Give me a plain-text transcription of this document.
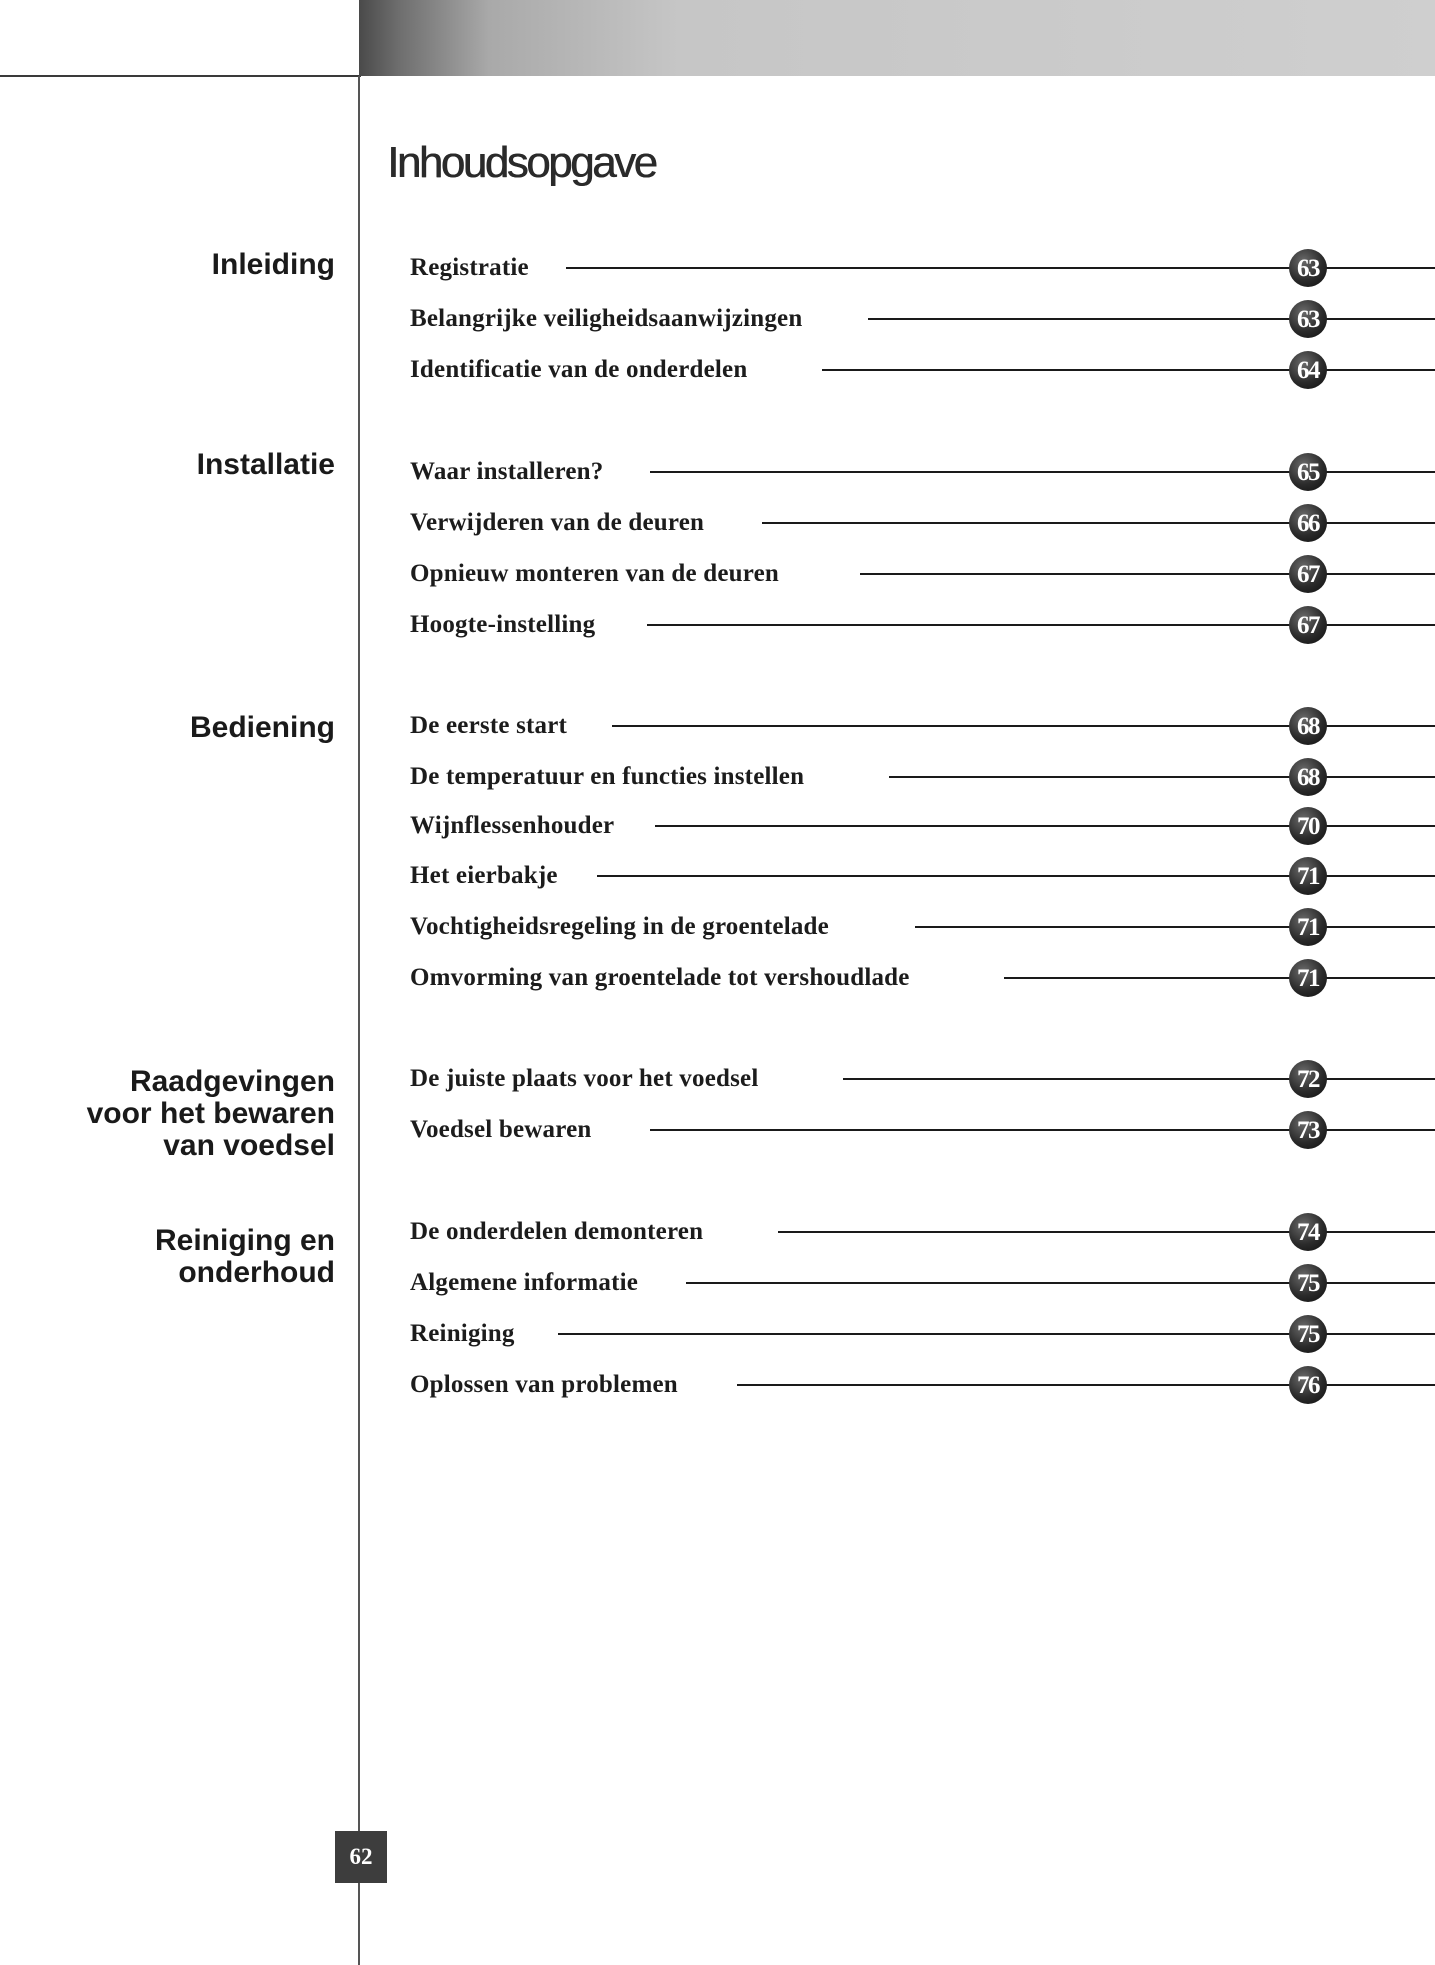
Inhoudsopgave
Inleiding
Installatie
Bediening
Raadgevingen
voor het bewaren
van voedsel
Reiniging en
onderhoud
Registratie	63
Belangrijke veiligheidsaanwijzingen	63
Identificatie van de onderdelen	64
Waar installeren?	65
Verwijderen van de deuren	66
Opnieuw monteren van de deuren	67
Hoogte-instelling	67
De eerste start	68
De temperatuur en functies instellen	68
Wijnflessenhouder	70
Het eierbakje	71
Vochtigheidsregeling in de groentelade	71
Omvorming van groentelade tot vershoudlade	71
De juiste plaats voor het voedsel	72
Voedsel bewaren	73
De onderdelen demonteren	74
Algemene informatie	75
Reiniging	75
Oplossen van problemen	76
62
